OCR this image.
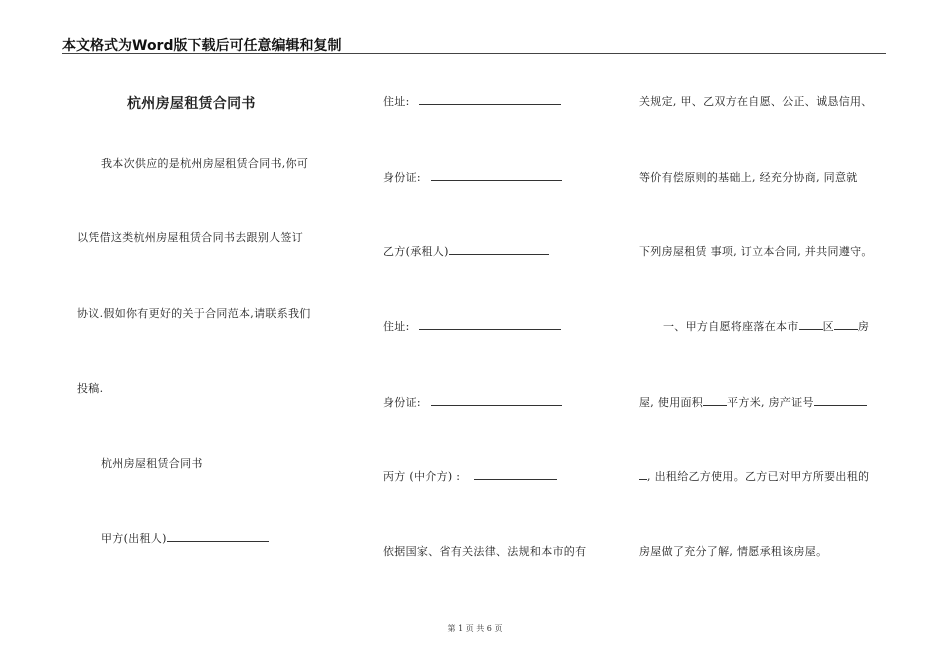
本文格式为Word版下载后可任意编辑和复制
杭州房屋租赁合同书
我本次供应的是杭州房屋租赁合同书,你可
以凭借这类杭州房屋租赁合同书去跟别人签订
协议.假如你有更好的关于合同范本,请联系我们
投稿.
杭州房屋租赁合同书
甲方(出租人)
住址:
身份证:
乙方(承租人)
住址:
身份证:
丙方 (中介方) :
依据国家、省有关法律、法规和本市的有
关规定, 甲、乙双方在自愿、公正、诚恳信用、
等价有偿原则的基础上, 经充分协商, 同意就
下列房屋租赁 事项, 订立本合同, 并共同遵守。
一、甲方自愿将座落在本市 区 房
屋, 使用面积 平方米, 房产证号
, 出租给乙方使用。乙方已对甲方所要出租的
房屋做了充分了解, 情愿承租该房屋。
第 1 页 共 6 页
